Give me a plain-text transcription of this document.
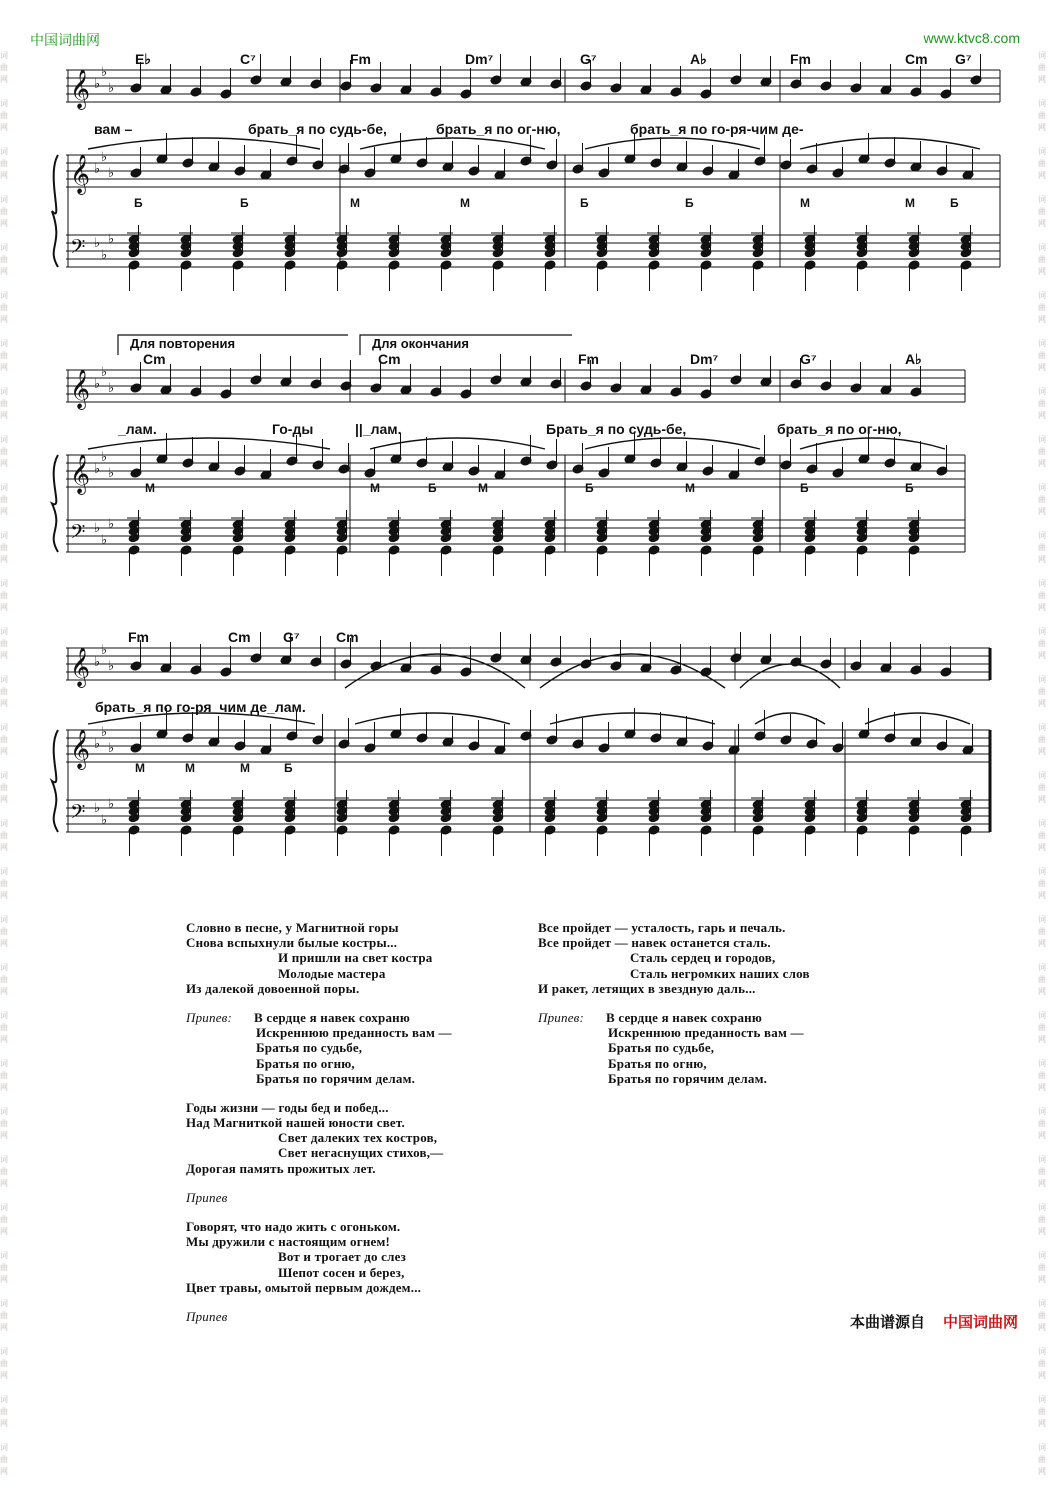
中国词曲网	www.ktvc8.com
词曲网

词曲网

词曲网

词曲网

词曲网

词曲网

词曲网

词曲网

词曲网

词曲网

词曲网

词曲网

词曲网

词曲网

词曲网

词曲网

词曲网

词曲网

词曲网

词曲网

词曲网

词曲网

词曲网

词曲网

词曲网

词曲网

词曲网

词曲网

词曲网

词曲网

词曲网

词曲网

词曲网

词曲网

词曲网

词曲网

词曲网

词曲网

词曲网

词曲网

词曲网

词曲网

词曲网

词曲网

词曲网

词曲网

词曲网

词曲网

词曲网

词曲网

词曲网

词曲网

词曲网

词曲网

词曲网

词曲网

词曲网

词曲网

词曲网

词曲网

𝄞
𝄞
𝄢
♭
♭
♭
♭
♭
♭
♭
♭
♭
E♭	C⁷	Fm	Dm⁷	G⁷	A♭	Fm	Cm G⁷
вам –	брать_я по судь-бе,	брать_я по ог-ню,	брать_я по го-ря-чим де-
Б	Б	М	М	Б	Б	М	М	Б
𝄞
𝄞
𝄢
♭
♭
♭
♭
♭
♭
♭
♭
♭
Cm	Cm	Fm	Dm⁷	G⁷	A♭
_лам.	Го-ды	||_лам.	Брать_я по судь-бе,	брать_я по ог-ню,
М	М	Б	М	Б	М	Б	Б
𝄞
𝄞
𝄢
♭
♭
♭
♭
♭
♭
♭
♭
♭
Fm	Cm G⁷	Cm
брать_я по го-ря_чим де_лам.
М	М	М	Б
Для повторения	Для окончания
Словно в песне, у Магнитной горы
Снова вспыхнули былые костры...
И пришли на свет костра
Молодые мастера
Из далекой довоенной поры.
Припев: В сердце я навек сохраню
Искреннюю преданность вам —
Братья по судьбе,
Братья по огню,
Братья по горячим делам.
Годы жизни — годы бед и побед...
Над Магниткой нашей юности свет.
Свет далеких тех костров,
Свет негаснущих стихов,—
Дорогая память прожитых лет.
Припев
Говорят, что надо жить с огоньком.
Мы дружили с настоящим огнем!
Вот и трогает до слез
Шепот сосен и берез,
Цвет травы, омытой первым дождем...
Припев
Все пройдет — усталость, гарь и печаль.
Все пройдет — навек останется сталь.
Сталь сердец и городов,
Сталь негромких наших слов
И ракет, летящих в звездную даль...
Припев: В сердце я навек сохраню
Искреннюю преданность вам —
Братья по судьбе,
Братья по огню,
Братья по горячим делам.
本曲谱源自 中国词曲网
